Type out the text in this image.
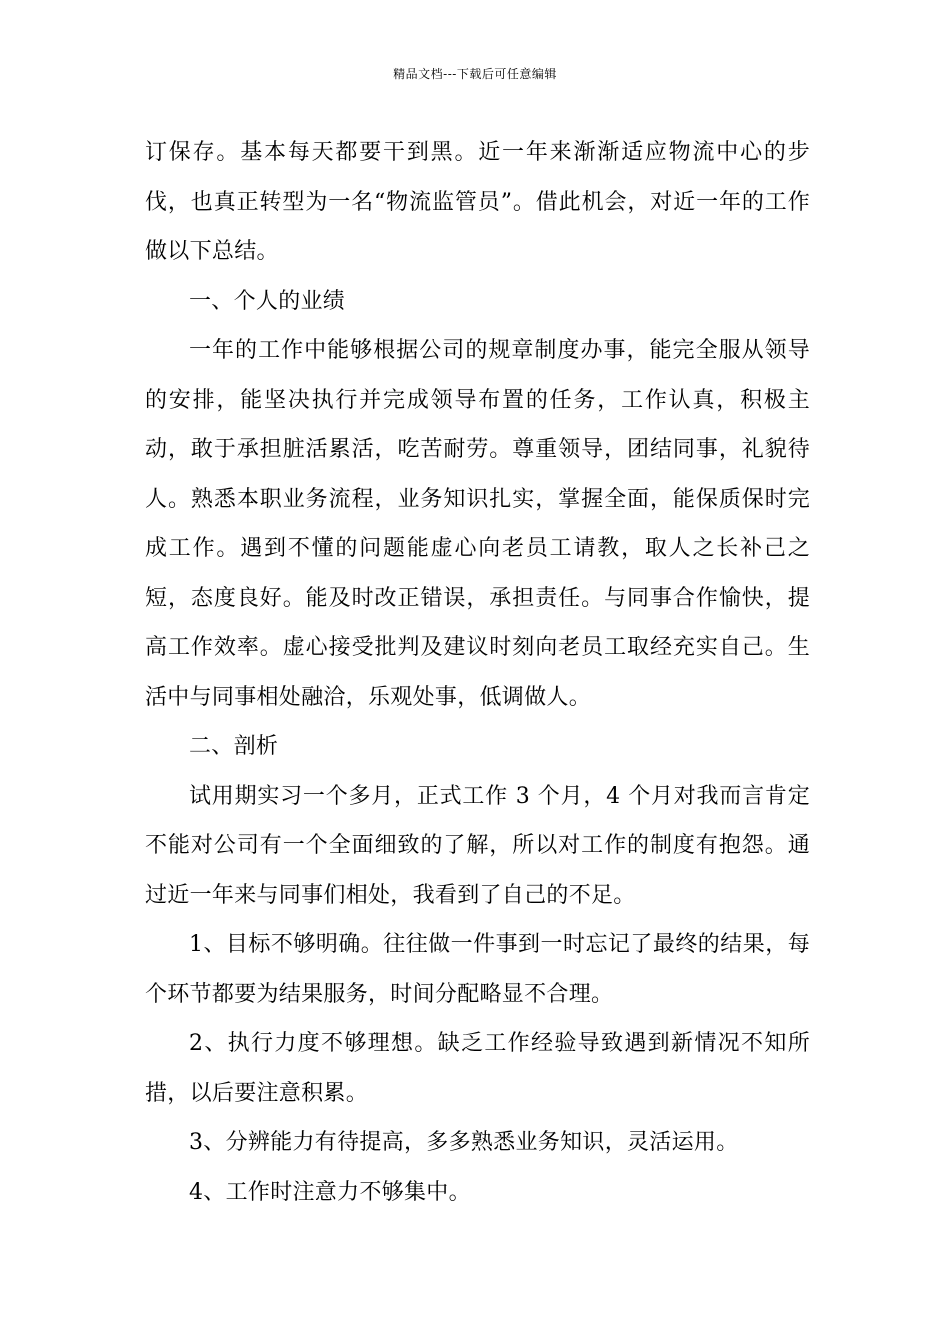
精品文档---下载后可任意编辑

订保存。基本每天都要干到黑。近一年来渐渐适应物流中心的步伐，也真正转型为一名“物流监管员”。借此机会，对近一年的工作做以下总结。

一、个人的业绩

一年的工作中能够根据公司的规章制度办事，能完全服从领导的安排，能坚决执行并完成领导布置的任务，工作认真，积极主动，敢于承担脏活累活，吃苦耐劳。尊重领导，团结同事，礼貌待人。熟悉本职业务流程，业务知识扎实，掌握全面，能保质保时完成工作。遇到不懂的问题能虚心向老员工请教，取人之长补己之短，态度良好。能及时改正错误，承担责任。与同事合作愉快，提高工作效率。虚心接受批判及建议时刻向老员工取经充实自己。生活中与同事相处融洽，乐观处事，低调做人。

二、剖析

试用期实习一个多月，正式工作 3 个月，4 个月对我而言肯定不能对公司有一个全面细致的了解，所以对工作的制度有抱怨。通过近一年来与同事们相处，我看到了自己的不足。

1、目标不够明确。往往做一件事到一时忘记了最终的结果，每个环节都要为结果服务，时间分配略显不合理。

2、执行力度不够理想。缺乏工作经验导致遇到新情况不知所措，以后要注意积累。

3、分辨能力有待提高，多多熟悉业务知识，灵活运用。

4、工作时注意力不够集中。
